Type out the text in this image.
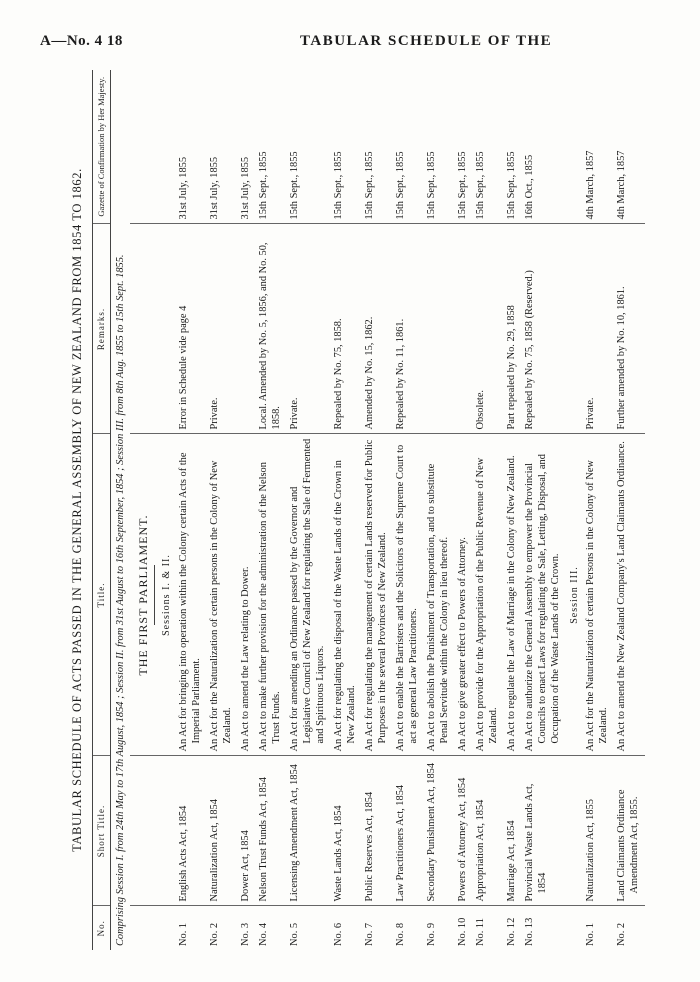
A—No. 4 18	TABULAR SCHEDULE OF THE
TABULAR SCHEDULE OF ACTS PASSED IN THE GENERAL ASSEMBLY OF NEW ZEALAND FROM 1854 TO 1862.
No.	Short Title.	Title.	Remarks.	Gazette of Confirmation by Her Majesty.
Comprising Session I. from 24th May to 17th August, 1854 ; Session II. from 31st August to 16th September, 1854 ; Session III. from 8th Aug. 1855 to 15th Sept. 1855.				
		THE FIRST PARLIAMENT.

		Sessions I. & II.		
No. 1	English Acts Act, 1854	An Act for bringing into operation within the Colony certain Acts of the Imperial Parliament.	Error in Schedule vide page 4	31st July, 1855
No. 2	Naturalization Act, 1854	An Act for the Naturalization of certain persons in the Colony of New Zealand.	Private.	31st July, 1855
No. 3	Dower Act, 1854	An Act to amend the Law relating to Dower.		31st July, 1855
No. 4	Nelson Trust Funds Act, 1854	An Act to make further provision for the administration of the Nelson Trust Funds.	Local. Amended by No. 5, 1856, and No. 50, 1858.	15th Sept., 1855
No. 5	Licensing Amendment Act, 1854	An Act for amending an Ordinance passed by the Governor and Legislative Council of New Zealand for regulating the Sale of Fermented and Spirituous Liquors.	Private.	15th Sept., 1855
No. 6	Waste Lands Act, 1854	An Act for regulating the disposal of the Waste Lands of the Crown in New Zealand.	Repealed by No. 75, 1858.	15th Sept., 1855
No. 7	Public Reserves Act, 1854	An Act for regulating the management of certain Lands reserved for Public Purposes in the several Provinces of New Zealand.	Amended by No. 15, 1862.	15th Sept., 1855
No. 8	Law Practitioners Act, 1854	An Act to enable the Barristers and the Solicitors of the Supreme Court to act as general Law Practitioners.	Repealed by No. 11, 1861.	15th Sept., 1855
No. 9	Secondary Punishment Act, 1854	An Act to abolish the Punishment of Transportation, and to substitute Penal Servitude within the Colony in lieu thereof.		15th Sept., 1855
No. 10	Powers of Attorney Act, 1854	An Act to give greater effect to Powers of Attorney.		15th Sept., 1855
No. 11	Appropriation Act, 1854	An Act to provide for the Appropriation of the Public Revenue of New Zealand.	Obsolete.	15th Sept., 1855
No. 12	Marriage Act, 1854	An Act to regulate the Law of Marriage in the Colony of New Zealand.	Part repealed by No. 29, 1858	15th Sept., 1855
No. 13	Provincial Waste Lands Act, 1854	An Act to authorize the General Assembly to empower the Provincial Councils to enact Laws for regulating the Sale, Letting, Disposal, and Occupation of the Waste Lands of the Crown.	Repealed by No. 75, 1858 (Reserved.)	16th Oct., 1855
		Session III.		
No. 1	Naturalization Act, 1855	An Act for the Naturalization of certain Persons in the Colony of New Zealand.	Private.	4th March, 1857
No. 2	Land Claimants Ordinance Amendment Act, 1855.	An Act to amend the New Zealand Company's Land Claimants Ordinance.	Further amended by No. 10, 1861.	4th March, 1857
